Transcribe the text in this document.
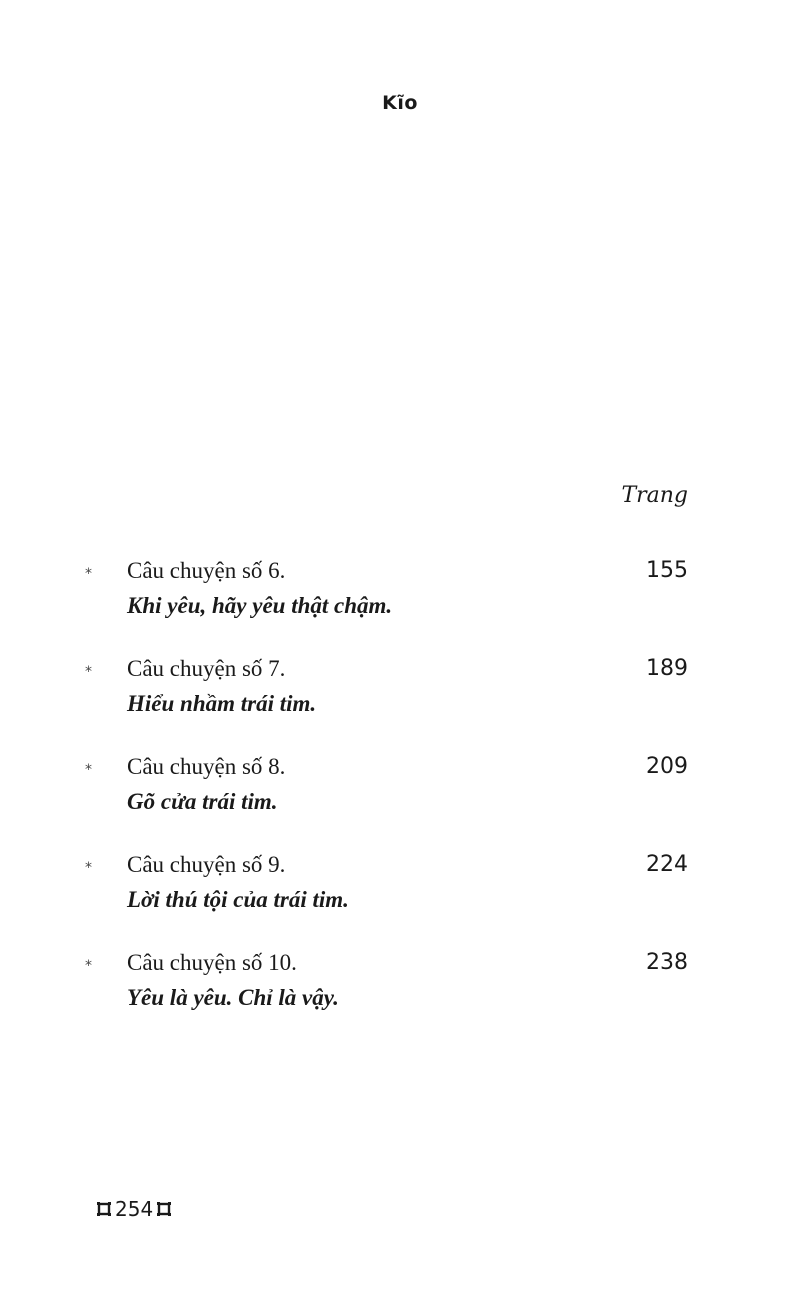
Kĩo
Trang
* Câu chuyện số 6.
Khi yêu, hãy yêu thật chậm.
155
* Câu chuyện số 7.
Hiểu nhầm trái tim.
189
* Câu chuyện số 8.
Gõ cửa trái tim.
209
* Câu chuyện số 9.
Lời thú tội của trái tim.
224
* Câu chuyện số 10.
Yêu là yêu. Chỉ là vậy.
238
254
